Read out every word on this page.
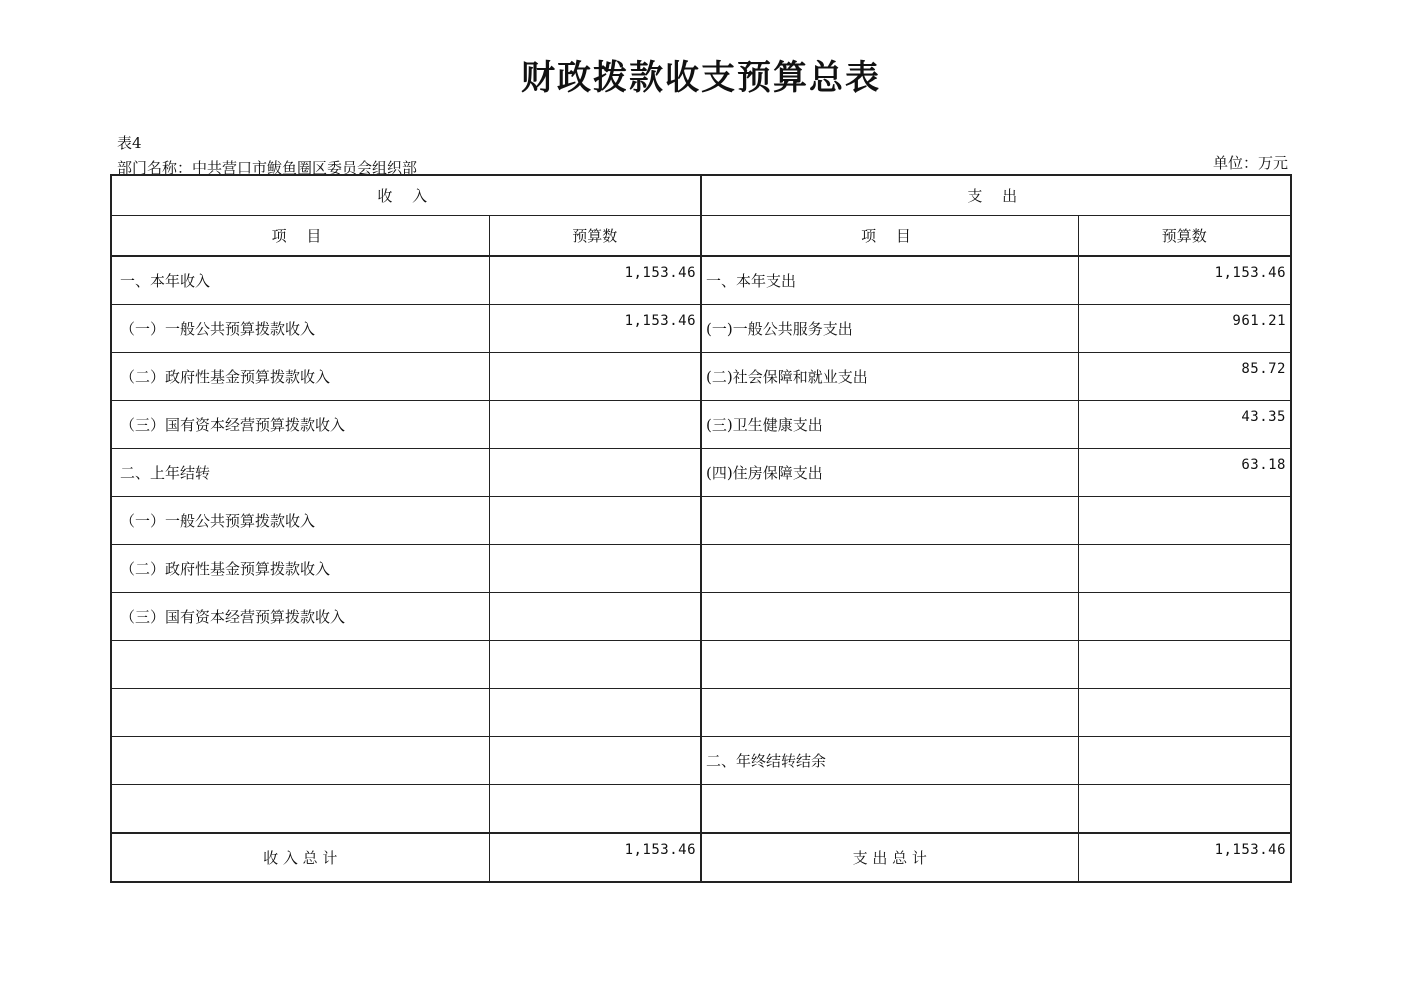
财政拨款收支预算总表
表4
部门名称：中共营口市鲅鱼圈区委员会组织部	单位：万元
收 入		支 出	
项 目	预算数	项 目	预算数
一、本年收入	1,153.46	一、本年支出	1,153.46
（一）一般公共预算拨款收入	1,153.46	(一)一般公共服务支出	961.21
（二）政府性基金预算拨款收入		(二)社会保障和就业支出	85.72
（三）国有资本经营预算拨款收入		(三)卫生健康支出	43.35
二、上年结转		(四)住房保障支出	63.18
（一）一般公共预算拨款收入			
（二）政府性基金预算拨款收入			
（三）国有资本经营预算拨款收入			

		二、年终结转结余	

收 入 总 计	1,153.46	支 出 总 计	1,153.46
